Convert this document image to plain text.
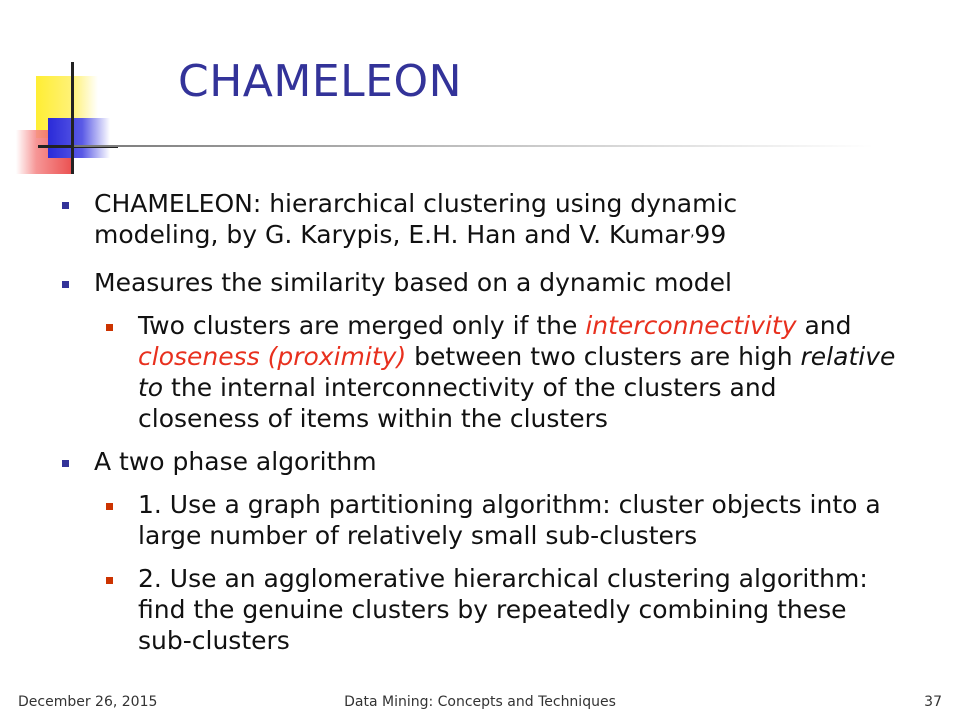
CHAMELEON
CHAMELEON: hierarchical clustering using dynamic
modeling, by G. Karypis, E.H. Han and V. Kumar’99
Measures the similarity based on a dynamic model
Two clusters are merged only if the interconnectivity and closeness (proximity) between two clusters are high relative to the internal interconnectivity of the clusters and closeness of items within the clusters
A two phase algorithm
1. Use a graph partitioning algorithm: cluster objects into a large number of relatively small sub-clusters
2. Use an agglomerative hierarchical clustering algorithm: find the genuine clusters by repeatedly combining these sub-clusters
December 26, 2015	Data Mining: Concepts and Techniques	37
